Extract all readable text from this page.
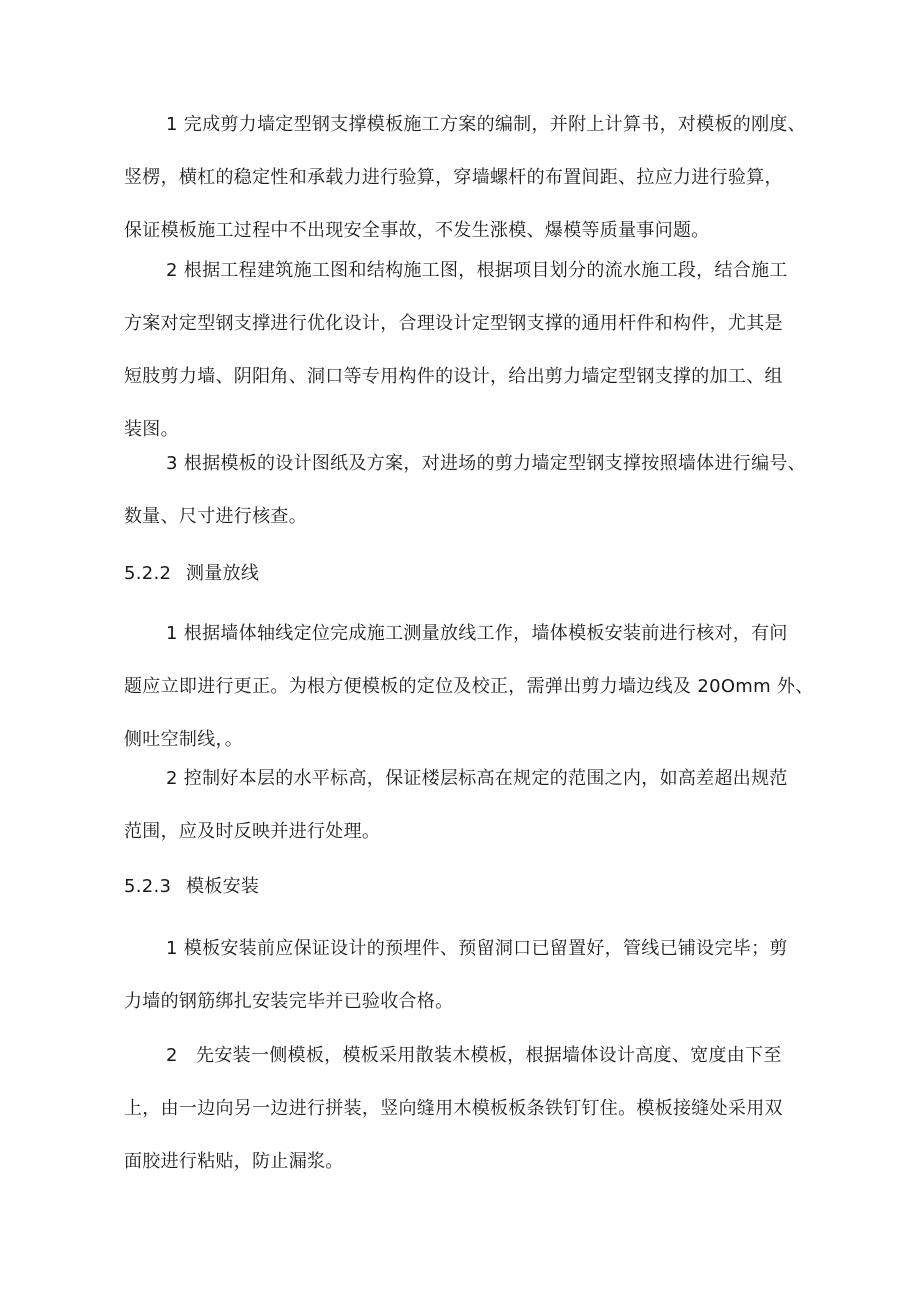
1 完成剪力墙定型钢支撑模板施工方案的编制，并附上计算书，对模板的刚度、
竖楞，横杠的稳定性和承载力进行验算，穿墙螺杆的布置间距、拉应力进行验算，
保证模板施工过程中不出现安全事故，不发生涨模、爆模等质量事问题。
2 根据工程建筑施工图和结构施工图，根据项目划分的流水施工段，结合施工
方案对定型钢支撑进行优化设计，合理设计定型钢支撑的通用杆件和构件，尤其是
短肢剪力墙、阴阳角、洞口等专用构件的设计，给出剪力墙定型钢支撑的加工、组
装图。
3 根据模板的设计图纸及方案，对进场的剪力墙定型钢支撑按照墙体进行编号、
数量、尺寸进行核查。
5.2.2 测量放线
1 根据墙体轴线定位完成施工测量放线工作，墙体模板安装前进行核对，有问
题应立即进行更正。为根方便模板的定位及校正，需弹出剪力墙边线及 20Omm 外、
侧吐空制线，。
2 控制好本层的水平标高，保证楼层标高在规定的范围之内，如高差超出规范
范围，应及时反映并进行处理。
5.2.3 模板安装
1 模板安装前应保证设计的预埋件、预留洞口已留置好，管线已铺设完毕；剪
力墙的钢筋绑扎安装完毕并已验收合格。
2　先安装一侧模板，模板采用散装木模板，根据墙体设计高度、宽度由下至
上，由一边向另一边进行拼装，竖向缝用木模板板条铁钉钉住。模板接缝处采用双
面胶进行粘贴，防止漏浆。
